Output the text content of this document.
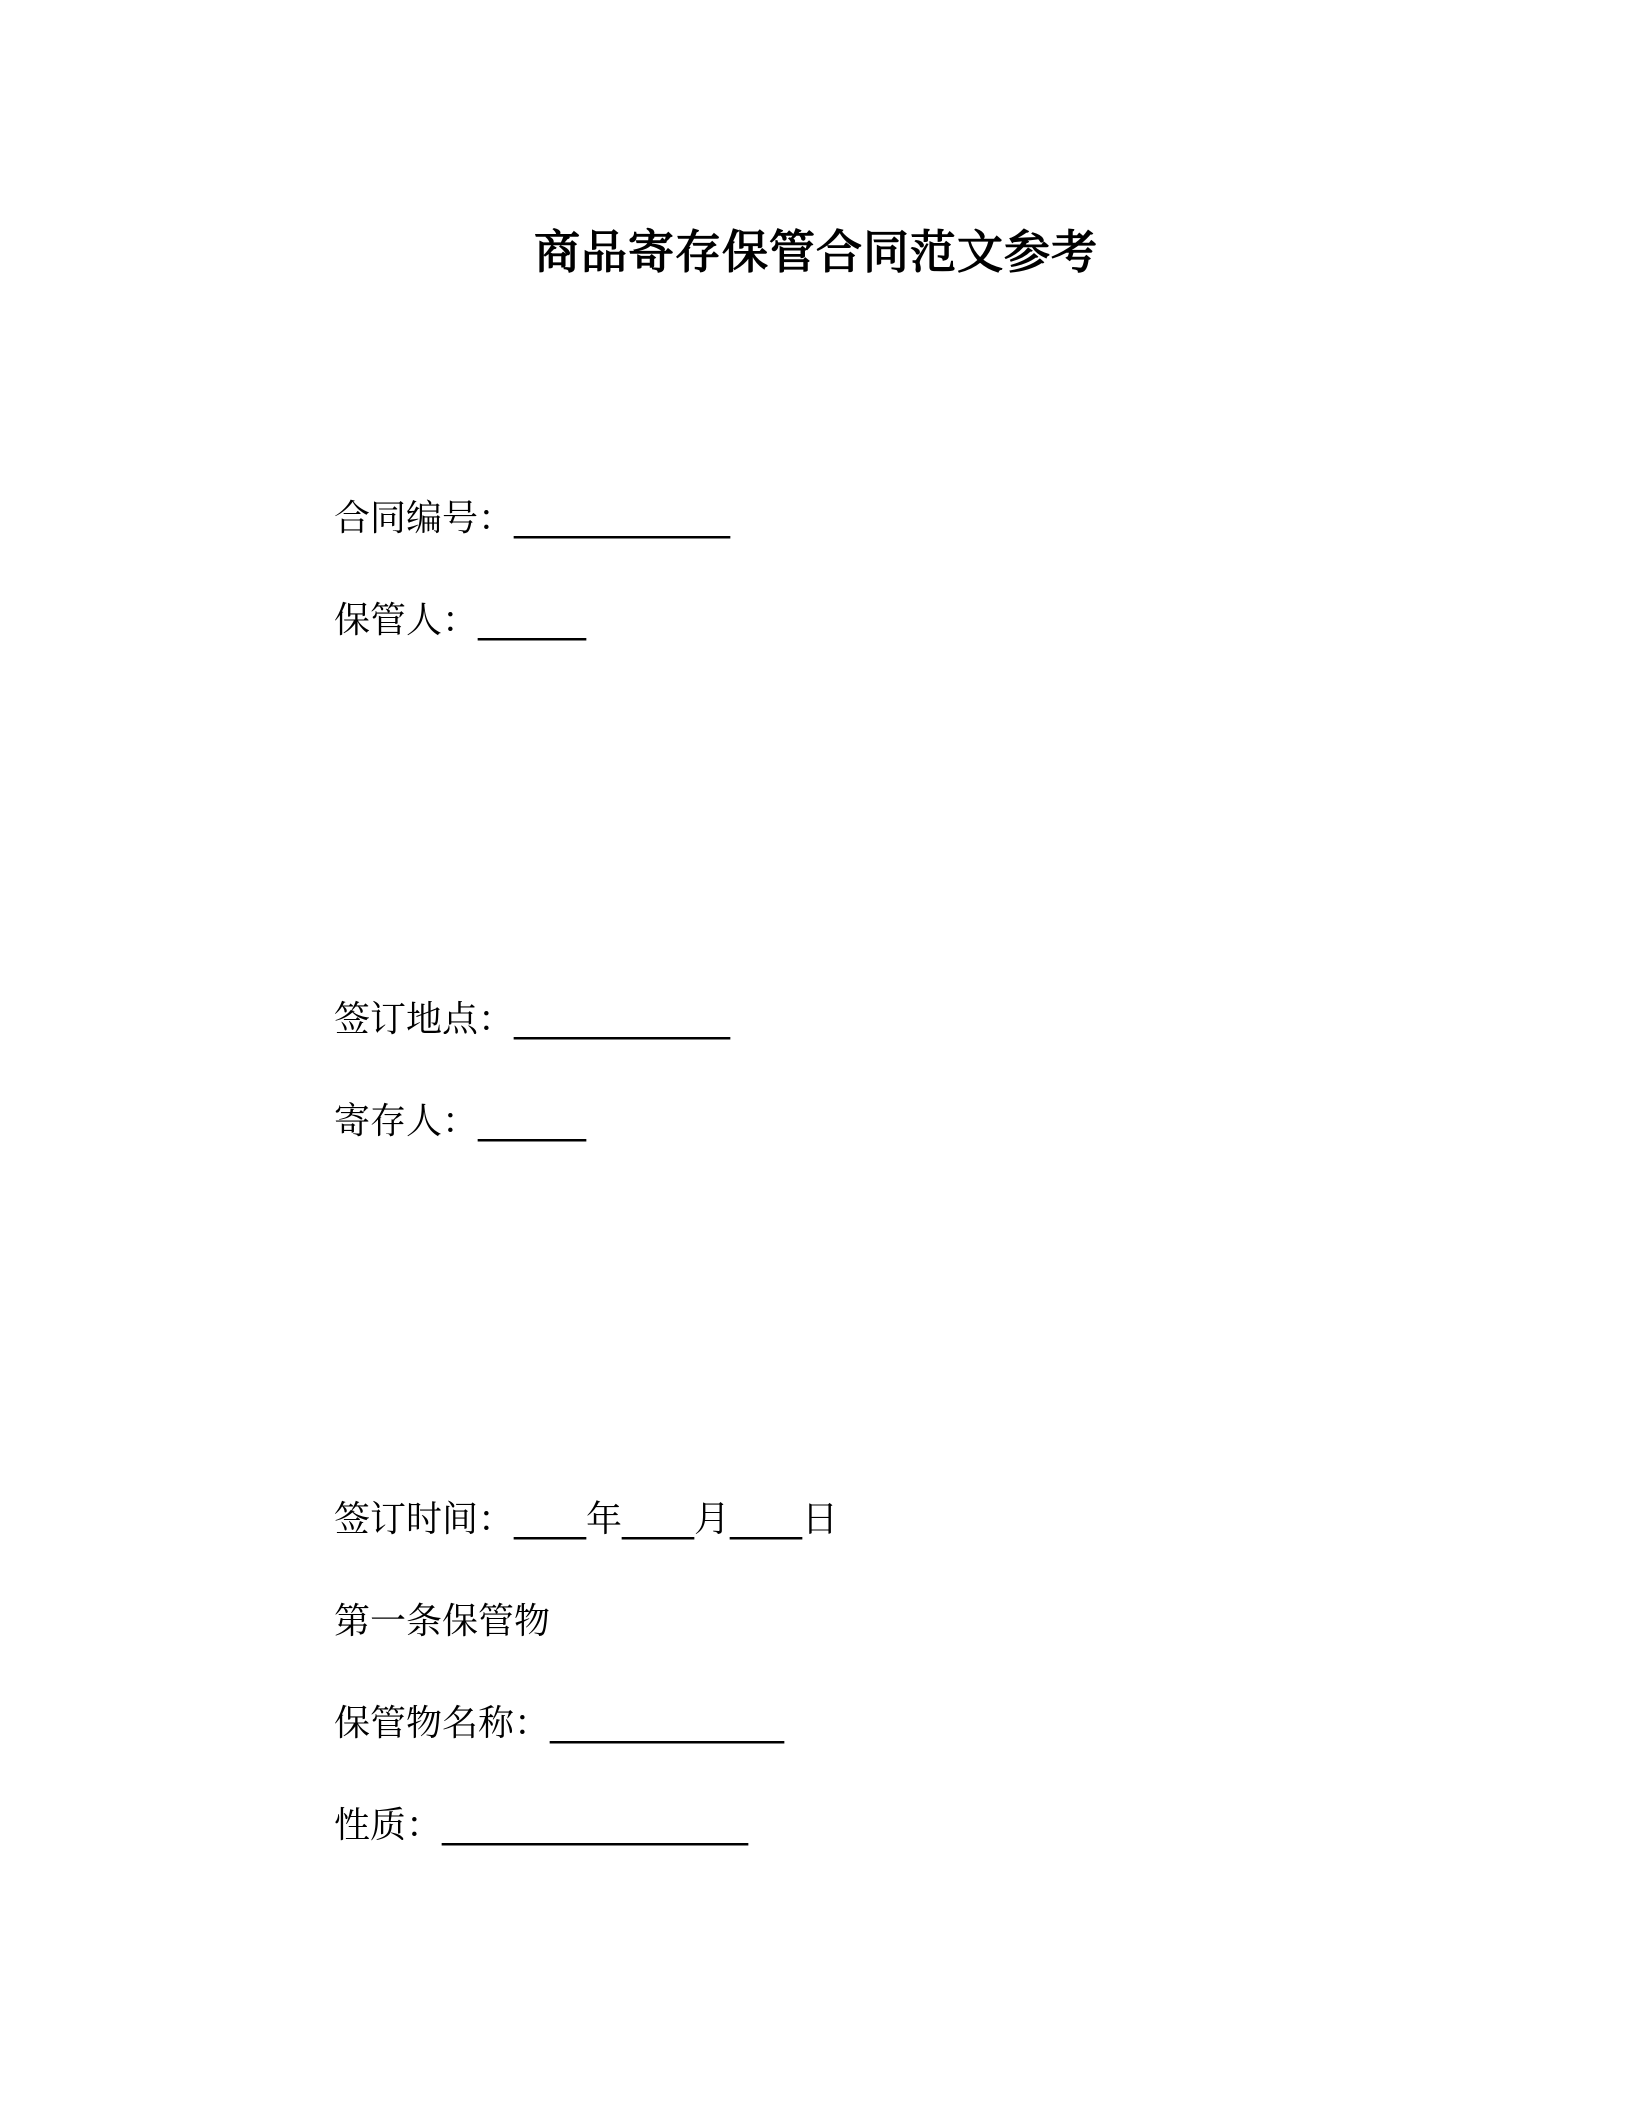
商品寄存保管合同范文参考
合同编号：____________
保管人：______
签订地点：____________
寄存人：______
签订时间：____年____月____日
第一条保管物
保管物名称：_____________
性质：_________________
